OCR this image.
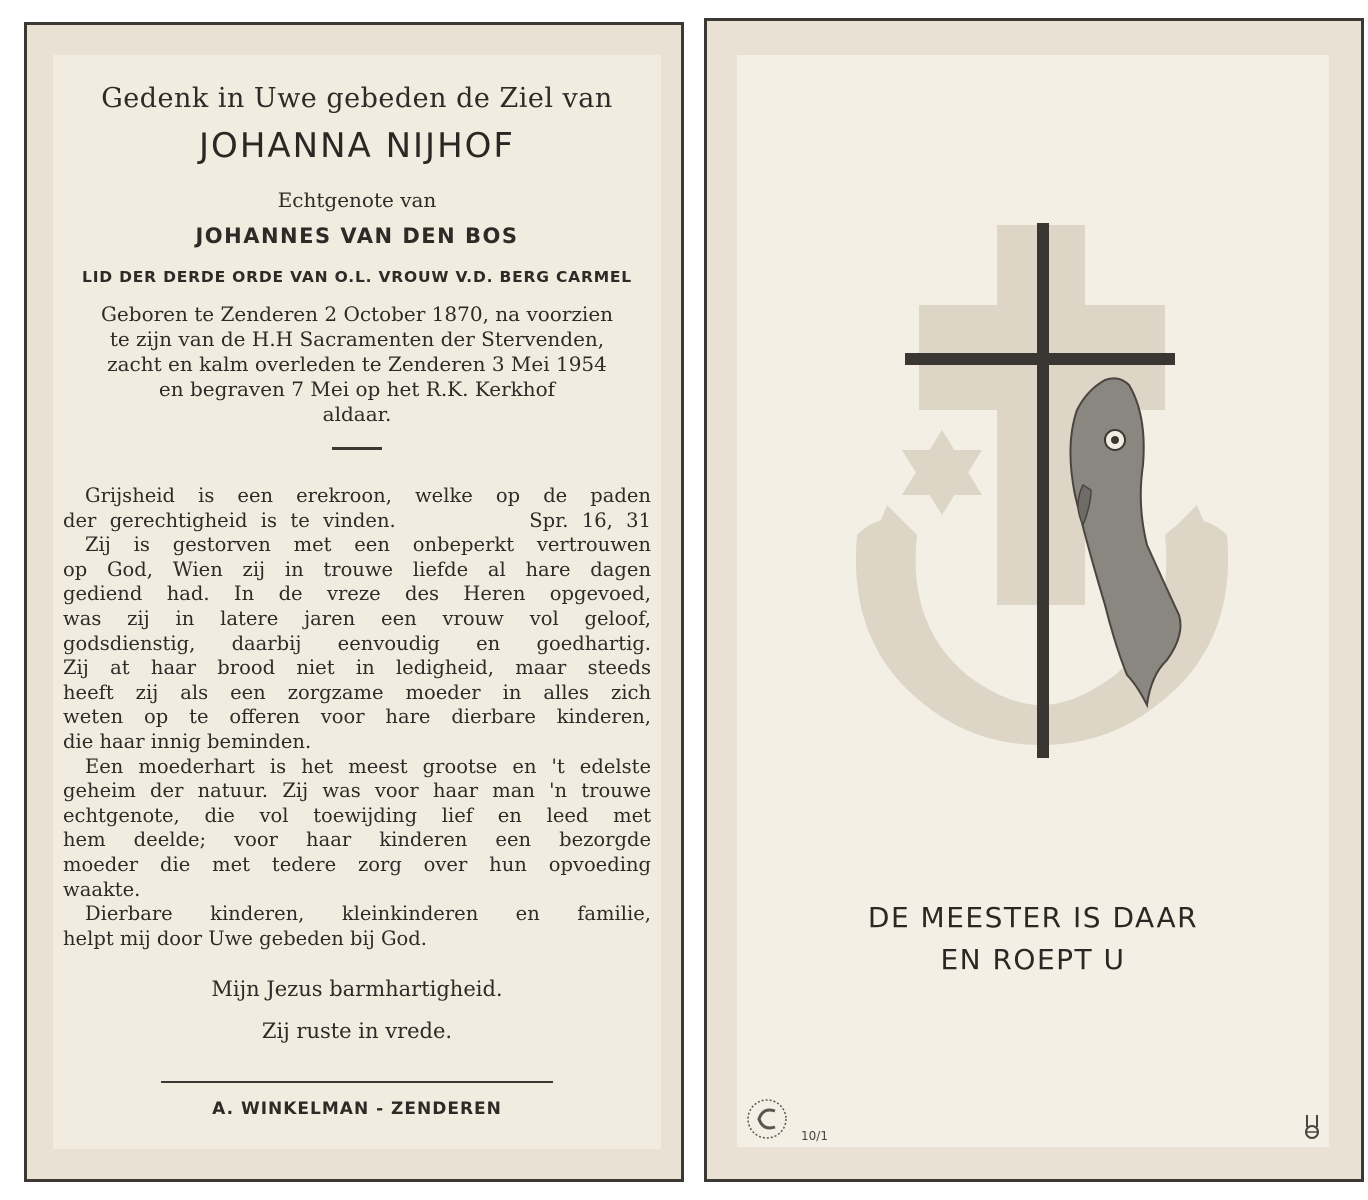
Gedenk in Uwe gebeden de Ziel van
JOHANNA NIJHOF
Echtgenote van
JOHANNES VAN DEN BOS
LID DER DERDE ORDE VAN O.L. VROUW V.D. BERG CARMEL
Geboren te Zenderen 2 October 1870, na voorzien
te zijn van de H.H Sacramenten der Stervenden,
zacht en kalm overleden te Zenderen 3 Mei 1954
en begraven 7 Mei op het R.K. Kerkhof
aldaar.
Grijsheid is een erekroon, welke op de paden
der gerechtigheid is te vinden.          Spr. 16, 31
Zij is gestorven met een onbeperkt vertrouwen
op God, Wien zij in trouwe liefde al hare dagen
gediend had. In de vreze des Heren opgevoed,
was zij in latere jaren een vrouw vol geloof,
godsdienstig, daarbij eenvoudig en goedhartig.
Zij at haar brood niet in ledigheid, maar steeds
heeft zij als een zorgzame moeder in alles zich
weten op te offeren voor hare dierbare kinderen,
die haar innig beminden.
Een moederhart is het meest grootse en 't edelste
geheim der natuur. Zij was voor haar man 'n trouwe
echtgenote, die vol toewijding lief en leed met
hem deelde; voor haar kinderen een bezorgde
moeder die met tedere zorg over hun opvoeding
waakte.
Dierbare kinderen, kleinkinderen en familie,
helpt mij door Uwe gebeden bij God.
Mijn Jezus barmhartigheid.
Zij ruste in vrede.
A. WINKELMAN - ZENDEREN
DE MEESTER IS DAAR
EN ROEPT U
10/1
